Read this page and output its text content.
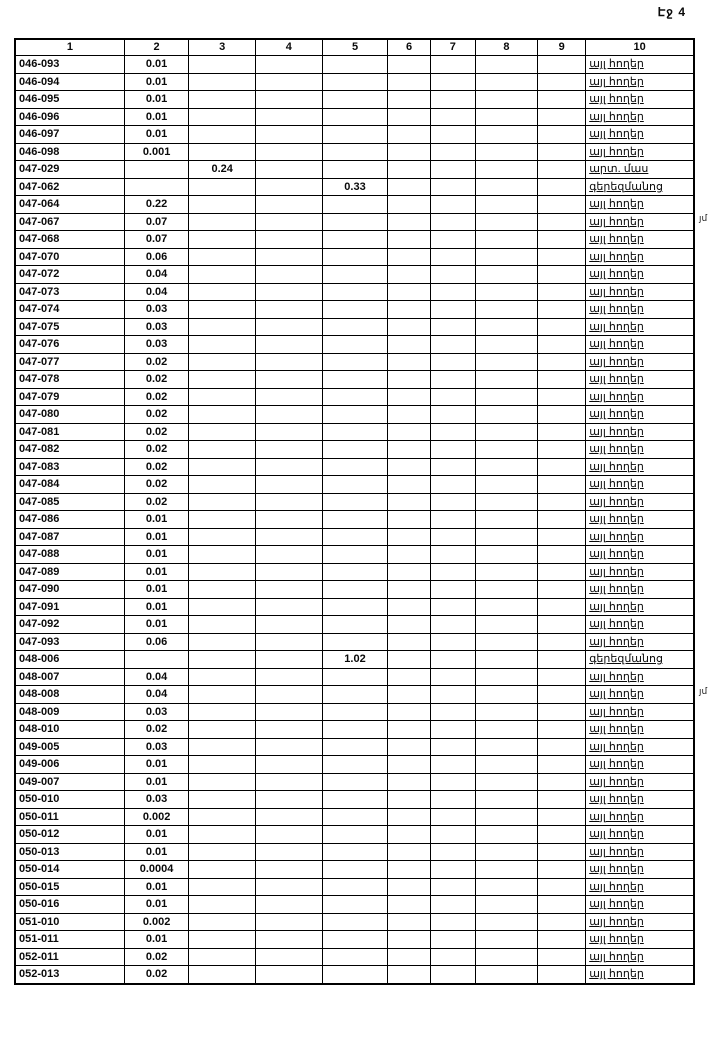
Էջ 4
յմ
յմ
1	2	3	4	5	6	7	8	9	10
046-093	0.01								այլ հողեր
046-094	0.01								այլ հողեր
046-095	0.01								այլ հողեր
046-096	0.01								այլ հողեր
046-097	0.01								այլ հողեր
046-098	0.001								այլ հողեր
047-029		0.24							արտ. մաս
047-062				0.33					գերեզմանոց
047-064	0.22								այլ հողեր
047-067	0.07								այլ հողեր
047-068	0.07								այլ հողեր
047-070	0.06								այլ հողեր
047-072	0.04								այլ հողեր
047-073	0.04								այլ հողեր
047-074	0.03								այլ հողեր
047-075	0.03								այլ հողեր
047-076	0.03								այլ հողեր
047-077	0.02								այլ հողեր
047-078	0.02								այլ հողեր
047-079	0.02								այլ հողեր
047-080	0.02								այլ հողեր
047-081	0.02								այլ հողեր
047-082	0.02								այլ հողեր
047-083	0.02								այլ հողեր
047-084	0.02								այլ հողեր
047-085	0.02								այլ հողեր
047-086	0.01								այլ հողեր
047-087	0.01								այլ հողեր
047-088	0.01								այլ հողեր
047-089	0.01								այլ հողեր
047-090	0.01								այլ հողեր
047-091	0.01								այլ հողեր
047-092	0.01								այլ հողեր
047-093	0.06								այլ հողեր
048-006				1.02					գերեզմանոց
048-007	0.04								այլ հողեր
048-008	0.04								այլ հողեր
048-009	0.03								այլ հողեր
048-010	0.02								այլ հողեր
049-005	0.03								այլ հողեր
049-006	0.01								այլ հողեր
049-007	0.01								այլ հողեր
050-010	0.03								այլ հողեր
050-011	0.002								այլ հողեր
050-012	0.01								այլ հողեր
050-013	0.01								այլ հողեր
050-014	0.0004								այլ հողեր
050-015	0.01								այլ հողեր
050-016	0.01								այլ հողեր
051-010	0.002								այլ հողեր
051-011	0.01								այլ հողեր
052-011	0.02								այլ հողեր
052-013	0.02								այլ հողեր
